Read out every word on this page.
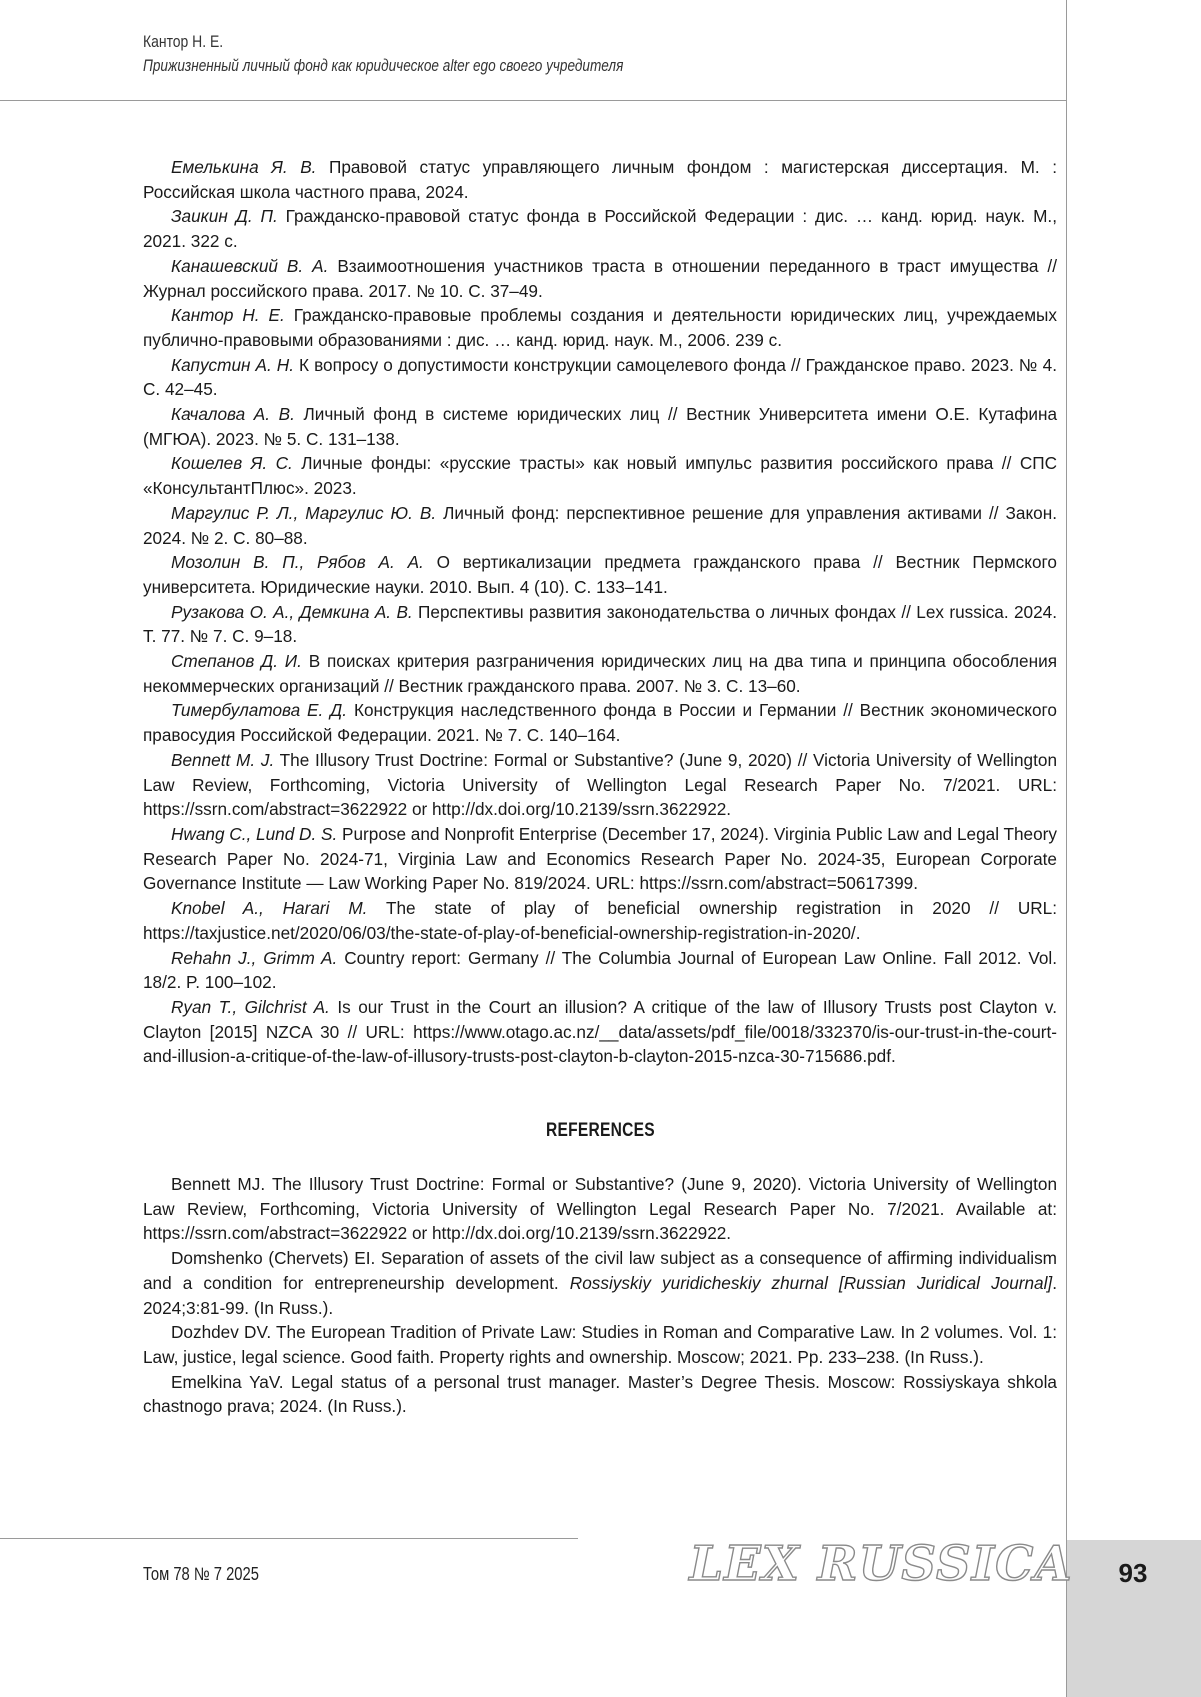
Кантор Н. Е.
Прижизненный личный фонд как юридическое alter ego своего учредителя

Емелькина Я. В. Правовой статус управляющего личным фондом : магистерская диссертация. М. : Российская школа частного права, 2024.

Заикин Д. П. Гражданско-правовой статус фонда в Российской Федерации : дис. … канд. юрид. наук. М., 2021. 322 с.

Канашевский В. А. Взаимоотношения участников траста в отношении переданного в траст имущества // Журнал российского права. 2017. № 10. С. 37–49.

Кантор Н. Е. Гражданско-правовые проблемы создания и деятельности юридических лиц, учреждаемых публично-правовыми образованиями : дис. … канд. юрид. наук. М., 2006. 239 с.

Капустин А. Н. К вопросу о допустимости конструкции самоцелевого фонда // Гражданское право. 2023. № 4. С. 42–45.

Качалова А. В. Личный фонд в системе юридических лиц // Вестник Университета имени О.Е. Кутафина (МГЮА). 2023. № 5. С. 131–138.

Кошелев Я. С. Личные фонды: «русские трасты» как новый импульс развития российского права // СПС «КонсультантПлюс». 2023.

Маргулис Р. Л., Маргулис Ю. В. Личный фонд: перспективное решение для управления активами // Закон. 2024. № 2. С. 80–88.

Мозолин В. П., Рябов А. А. О вертикализации предмета гражданского права // Вестник Пермского университета. Юридические науки. 2010. Вып. 4 (10). С. 133–141.

Рузакова О. А., Демкина А. В. Перспективы развития законодательства о личных фондах // Lex russica. 2024. Т. 77. № 7. С. 9–18.

Степанов Д. И. В поисках критерия разграничения юридических лиц на два типа и принципа обособления некоммерческих организаций // Вестник гражданского права. 2007. № 3. С. 13–60.

Тимербулатова Е. Д. Конструкция наследственного фонда в России и Германии // Вестник экономического правосудия Российской Федерации. 2021. № 7. С. 140–164.

Bennett M. J. The Illusory Trust Doctrine: Formal or Substantive? (June 9, 2020) // Victoria University of Wellington Law Review, Forthcoming, Victoria University of Wellington Legal Research Paper No. 7/2021. URL: https://ssrn.com/abstract=3622922 or http://dx.doi.org/10.2139/ssrn.3622922.

Hwang C., Lund D. S. Purpose and Nonprofit Enterprise (December 17, 2024). Virginia Public Law and Legal Theory Research Paper No. 2024-71, Virginia Law and Economics Research Paper No. 2024-35, European Corporate Governance Institute — Law Working Paper No. 819/2024. URL: https://ssrn.com/abstract=50617399.

Knobel A., Harari M. The state of play of beneficial ownership registration in 2020 // URL: https://taxjustice.net/2020/06/03/the-state-of-play-of-beneficial-ownership-registration-in-2020/.

Rehahn J., Grimm A. Country report: Germany // The Columbia Journal of European Law Online. Fall 2012. Vol. 18/2. P. 100–102.

Ryan T., Gilchrist A. Is our Trust in the Court an illusion? A critique of the law of Illusory Trusts post Clayton v. Clayton [2015] NZCA 30 // URL: https://www.otago.ac.nz/__data/assets/pdf_file/0018/332370/is-our-trust-in-the-court-and-illusion-a-critique-of-the-law-of-illusory-trusts-post-clayton-b-clayton-2015-nzca-30-715686.pdf.

REFERENCES

Bennett MJ. The Illusory Trust Doctrine: Formal or Substantive? (June 9, 2020). Victoria University of Wellington Law Review, Forthcoming, Victoria University of Wellington Legal Research Paper No. 7/2021. Available at: https://ssrn.com/abstract=3622922 or http://dx.doi.org/10.2139/ssrn.3622922.

Domshenko (Chervets) EI. Separation of assets of the civil law subject as a consequence of affirming individualism and a condition for entrepreneurship development. Rossiyskiy yuridicheskiy zhurnal [Russian Juridical Journal]. 2024;3:81-99. (In Russ.).

Dozhdev DV. The European Tradition of Private Law: Studies in Roman and Comparative Law. In 2 volumes. Vol. 1: Law, justice, legal science. Good faith. Property rights and ownership. Moscow; 2021. Pp. 233–238. (In Russ.).

Emelkina YaV. Legal status of a personal trust manager. Master’s Degree Thesis. Moscow: Rossiyskaya shkola chastnogo prava; 2024. (In Russ.).

Том 78 № 7 2025	LEX RUSSICA	93
